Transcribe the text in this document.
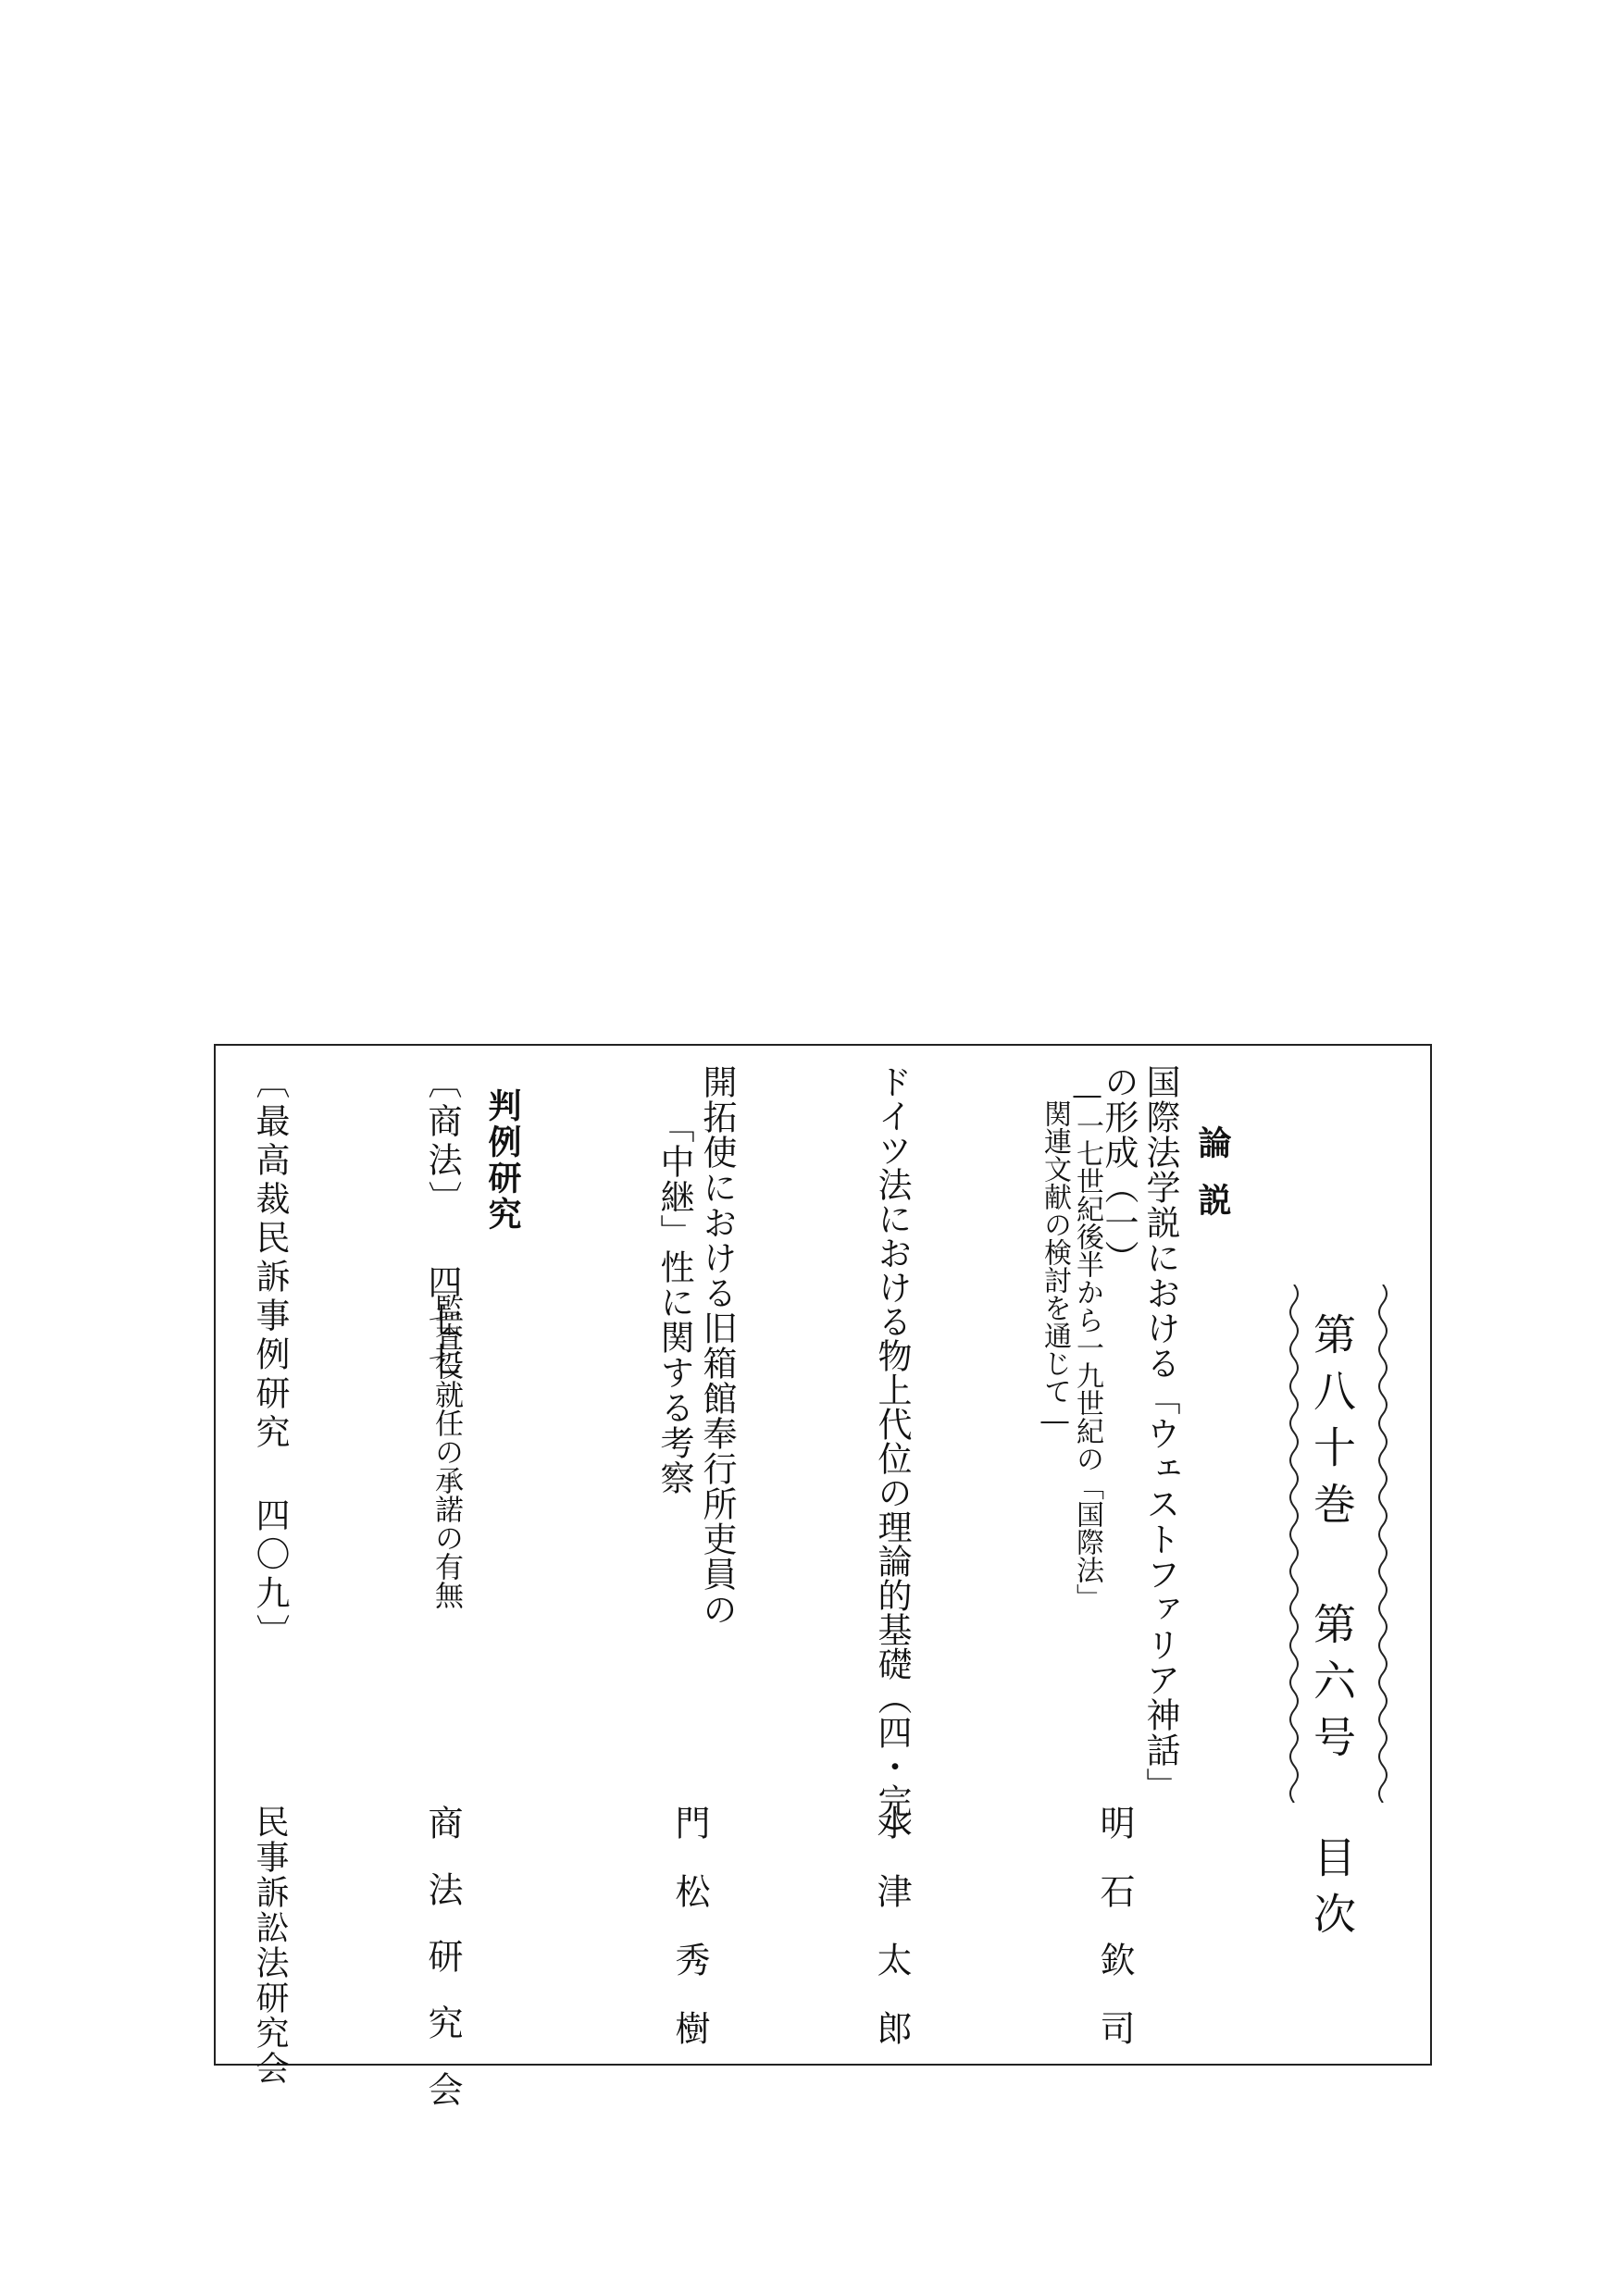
第八十巻 第六号 目次
論説
国際法学説における「ウェストファリア神話」
の形成（一）
―一七世紀後半から一九世紀の「国際法」
関連文献の検討を通じて―
明石欽司
ドイツ法における物上代位の理論的基礎（四・完）
水津太郎
開拓使における旧箱館奉行所吏員の
「中継」性に関する考察
門松秀樹
判例研究
〔商法〕 四七七
監査役就任の承諾の有無
商法研究会
〔最高裁民訴事例研究 四〇九〕
民事訴訟法研究会
